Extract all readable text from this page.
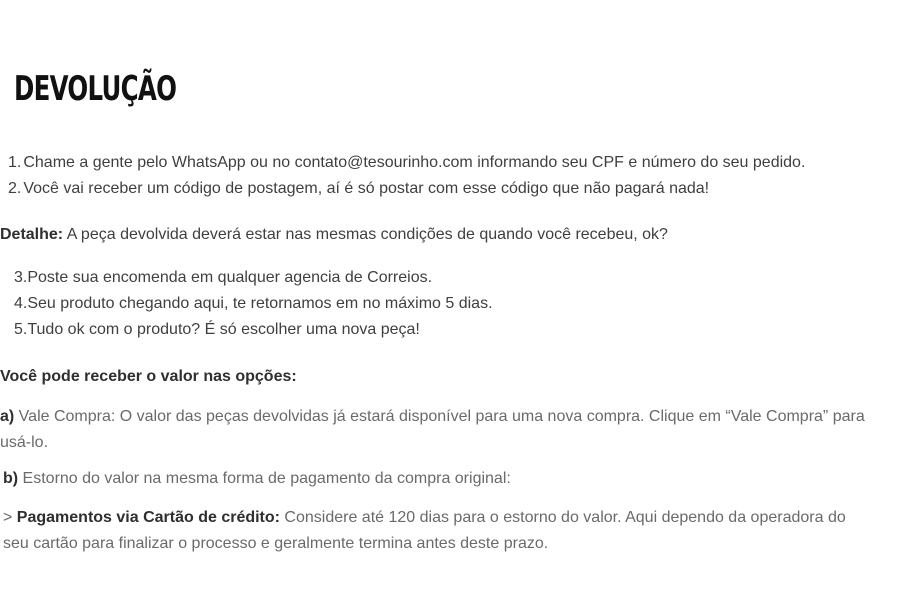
DEVOLUÇÃO
1. Chame a gente pelo WhatsApp ou no contato@tesourinho.com informando seu CPF e número do seu pedido.
2. Você vai receber um código de postagem, aí é só postar com esse código que não pagará nada!
Detalhe: A peça devolvida deverá estar nas mesmas condições de quando você recebeu, ok?
3.Poste sua encomenda em qualquer agencia de Correios.
4.Seu produto chegando aqui, te retornamos em no máximo 5 dias.
5.Tudo ok com o produto? É só escolher uma nova peça!
Você pode receber o valor nas opções:
a) Vale Compra: O valor das peças devolvidas já estará disponível para uma nova compra. Clique em “Vale Compra” para usá-lo.
b) Estorno do valor na mesma forma de pagamento da compra original:
> Pagamentos via Cartão de crédito: Considere até 120 dias para o estorno do valor. Aqui dependo da operadora do seu cartão para finalizar o processo e geralmente termina antes deste prazo.
